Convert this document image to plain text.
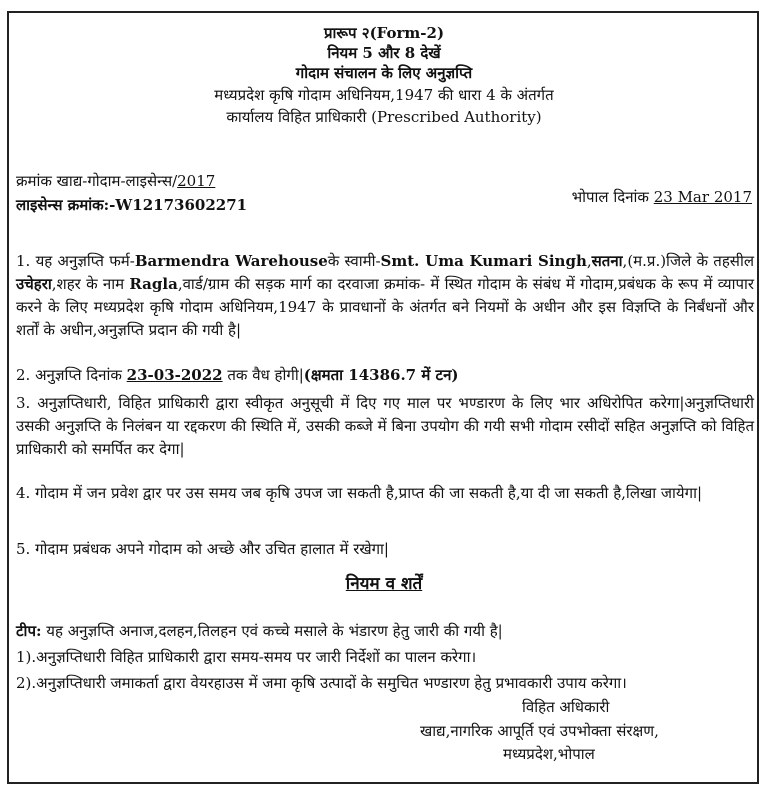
प्रारूप २(Form-2)
नियम 5 और 8 देखें
गोदाम संचालन के लिए अनुज्ञप्ति
मध्यप्रदेश कृषि गोदाम अधिनियम,1947 की धारा 4 के अंतर्गत
कार्यालय विहित प्राधिकारी (Prescribed Authority)
क्रमांक खाद्य-गोदाम-लाइसेन्स/2017
लाइसेन्स क्रमांक:-W12173602271	भोपाल दिनांक 23 Mar 2017
1. यह अनुज्ञप्ति फर्म-Barmendra Warehouseके स्वामी-Smt. Uma Kumari Singh,सतना,(म.प्र.)जिले के तहसील उचेहरा,शहर के नाम Ragla,वार्ड/ग्राम की सड़क मार्ग का दरवाजा क्रमांक- में स्थित गोदाम के संबंध में गोदाम,प्रबंधक के रूप में व्यापार करने के लिए मध्यप्रदेश कृषि गोदाम अधिनियम,1947 के प्रावधानों के अंतर्गत बने नियमों के अधीन और इस विज्ञप्ति के निर्बंधनों और शर्तों के अधीन,अनुज्ञप्ति प्रदान की गयी है|
2. अनुज्ञप्ति दिनांक 23-03-2022 तक वैध होगी|(क्षमता 14386.7 में टन)
3. अनुज्ञप्तिधारी, विहित प्राधिकारी द्वारा स्वीकृत अनुसूची में दिए गए माल पर भण्डारण के लिए भार अधिरोपित करेगा|अनुज्ञप्तिधारी उसकी अनुज्ञप्ति के निलंबन या रद्दकरण की स्थिति में, उसकी कब्जे में बिना उपयोग की गयी सभी गोदाम रसीदों सहित अनुज्ञप्ति को विहित प्राधिकारी को समर्पित कर देगा|
4. गोदाम में जन प्रवेश द्वार पर उस समय जब कृषि उपज जा सकती है,प्राप्त की जा सकती है,या दी जा सकती है,लिखा जायेगा|
5. गोदाम प्रबंधक अपने गोदाम को अच्छे और उचित हालात में रखेगा|
नियम व शर्तें
टीप: यह अनुज्ञप्ति अनाज,दलहन,तिलहन एवं कच्चे मसाले के भंडारण हेतु जारी की गयी है|
1).अनुज्ञप्तिधारी विहित प्राधिकारी द्वारा समय-समय पर जारी निर्देशों का पालन करेगा।
2).अनुज्ञप्तिधारी जमाकर्ता द्वारा वेयरहाउस में जमा कृषि उत्पादों के समुचित भण्डारण हेतु प्रभावकारी उपाय करेगा।
विहित अधिकारी
खाद्य,नागरिक आपूर्ति एवं उपभोक्ता संरक्षण,
मध्यप्रदेश,भोपाल
